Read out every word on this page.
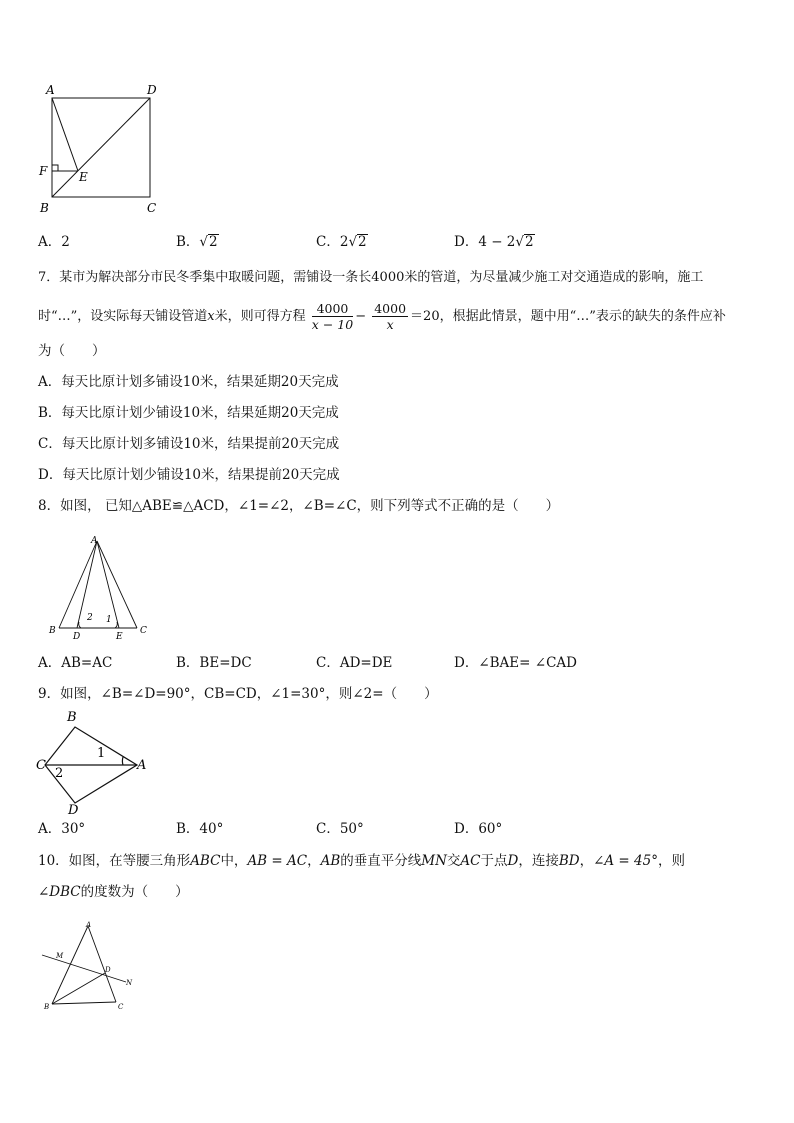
A	D
F	E
B	C
A．2	B．√2	C．2√2	D．4 − 2√2
7．某市为解决部分市民冬季集中取暖问题，需铺设一条长4000米的管道，为尽量减少施工对交通造成的影响，施工
时“…”，设实际每天铺设管道x米，则可得方程 $\frac{4000}{x - 10} - \frac{4000}{x} =20$，根据此情景，题中用“…”表示的缺失的条件应补
为（　　）
A．每天比原计划多铺设10米，结果延期20天完成
B．每天比原计划少铺设10米，结果延期20天完成
C．每天比原计划多铺设10米，结果提前20天完成
D．每天比原计划少铺设10米，结果提前20天完成
8．如图， 已知△ABE≌△ACD，∠1=∠2，∠B=∠C，则下列等式不正确的是（　　）
A
B
D	E
C
2 1
A．AB=AC	B．BE=DC	C．AD=DE	D．∠BAE= ∠CAD
9．如图，∠B=∠D=90°，CB=CD，∠1=30°，则∠2=（　　）
B
C	A
D
1
2
A．30°	B．40°	C．50°	D．60°
10．如图，在等腰三角形ABC中，AB = AC，AB的垂直平分线MN交AC于点D，连接BD，∠A = 45°，则
∠DBC的度数为（　　）
A
M
D
N
B	C
